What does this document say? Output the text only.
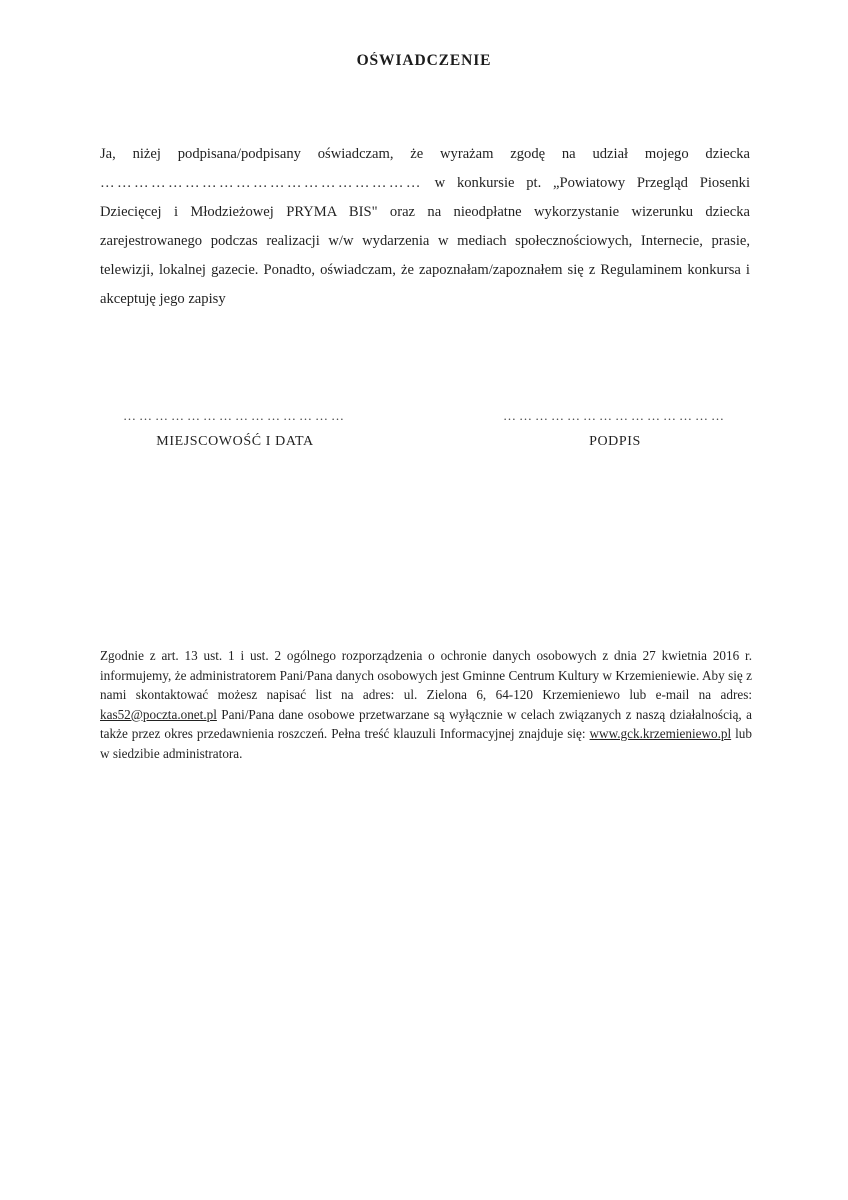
OŚWIADCZENIE

Ja, niżej podpisana/podpisany oświadczam, że wyrażam zgodę na udział mojego dziecka ………………………………………………… w konkursie pt. „Powiatowy Przegląd Piosenki Dziecięcej i Młodzieżowej PRYMA BIS" oraz na nieodpłatne wykorzystanie wizerunku dziecka zarejestrowanego podczas realizacji w/w wydarzenia w mediach społecznościowych, Internecie, prasie, telewizji, lokalnej gazecie. Ponadto, oświadczam, że zapoznałam/zapoznałem się z Regulaminem konkursa i akceptuję jego zapisy

……………………………………
MIEJSCOWOŚĆ I DATA
……………………………………
PODPIS

Zgodnie z art. 13 ust. 1 i ust. 2 ogólnego rozporządzenia o ochronie danych osobowych z dnia 27 kwietnia 2016 r. informujemy, że administratorem Pani/Pana danych osobowych jest Gminne Centrum Kultury w Krzemieniewie. Aby się z nami skontaktować możesz napisać list na adres: ul. Zielona 6, 64-120 Krzemieniewo lub e-mail na adres: kas52@poczta.onet.pl Pani/Pana dane osobowe przetwarzane są wyłącznie w celach związanych z naszą działalnością, a także przez okres przedawnienia roszczeń. Pełna treść klauzuli Informacyjnej znajduje się: www.gck.krzemieniewo.pl lub w siedzibie administratora.
